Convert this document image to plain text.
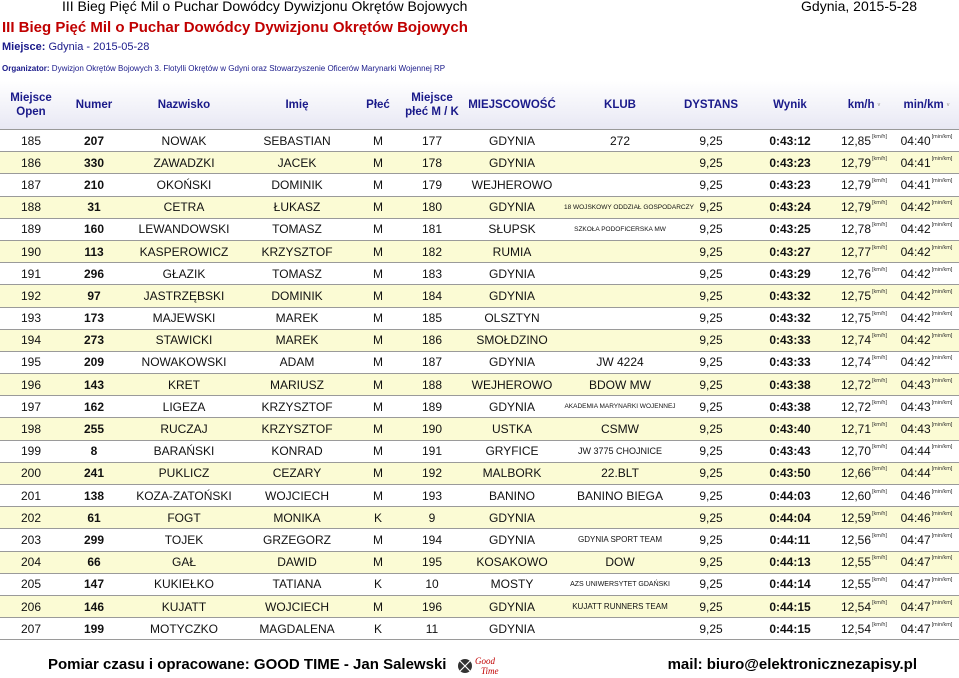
III Bieg Pięć Mil o Puchar Dowódcy Dywizjonu Okrętów Bojowych	Gdynia, 2015-5-28
III Bieg Pięć Mil o Puchar Dowódcy Dywizjonu Okrętów Bojowych
Miejsce: Gdynia - 2015-05-28
Organizator: Dywizjon Okrętów Bojowych 3. Flotylli Okrętów w Gdyni oraz Stowarzyszenie Oficerów Marynarki Wojennej RP
Miejsce Open	Numer	Nazwisko	Imię	Płeć	Miejsce płeć M / K	MIEJSCOWOŚĆ	KLUB	DYSTANS	Wynik	km/h v	min/km v
185	207	NOWAK	SEBASTIAN	M	177	GDYNIA	272	9,25	0:43:12	12,85[km/h]	04:40[min/km]
186	330	ZAWADZKI	JACEK	M	178	GDYNIA		9,25	0:43:23	12,79[km/h]	04:41[min/km]
187	210	OKOŃSKI	DOMINIK	M	179	WEJHEROWO		9,25	0:43:23	12,79[km/h]	04:41[min/km]
188	31	CETRA	ŁUKASZ	M	180	GDYNIA	18 WOJSKOWY ODDZIAŁ GOSPODARCZY	9,25	0:43:24	12,79[km/h]	04:42[min/km]
189	160	LEWANDOWSKI	TOMASZ	M	181	SŁUPSK	SZKOŁA PODOFICERSKA MW	9,25	0:43:25	12,78[km/h]	04:42[min/km]
190	113	KASPEROWICZ	KRZYSZTOF	M	182	RUMIA		9,25	0:43:27	12,77[km/h]	04:42[min/km]
191	296	GŁAZIK	TOMASZ	M	183	GDYNIA		9,25	0:43:29	12,76[km/h]	04:42[min/km]
192	97	JASTRZĘBSKI	DOMINIK	M	184	GDYNIA		9,25	0:43:32	12,75[km/h]	04:42[min/km]
193	173	MAJEWSKI	MAREK	M	185	OLSZTYN		9,25	0:43:32	12,75[km/h]	04:42[min/km]
194	273	STAWICKI	MAREK	M	186	SMOŁDZINO		9,25	0:43:33	12,74[km/h]	04:42[min/km]
195	209	NOWAKOWSKI	ADAM	M	187	GDYNIA	JW 4224	9,25	0:43:33	12,74[km/h]	04:42[min/km]
196	143	KRET	MARIUSZ	M	188	WEJHEROWO	BDOW MW	9,25	0:43:38	12,72[km/h]	04:43[min/km]
197	162	LIGEZA	KRZYSZTOF	M	189	GDYNIA	AKADEMIA MARYNARKI WOJENNEJ	9,25	0:43:38	12,72[km/h]	04:43[min/km]
198	255	RUCZAJ	KRZYSZTOF	M	190	USTKA	CSMW	9,25	0:43:40	12,71[km/h]	04:43[min/km]
199	8	BARAŃSKI	KONRAD	M	191	GRYFICE	JW 3775 CHOJNICE	9,25	0:43:43	12,70[km/h]	04:44[min/km]
200	241	PUKLICZ	CEZARY	M	192	MALBORK	22.BLT	9,25	0:43:50	12,66[km/h]	04:44[min/km]
201	138	KOZA-ZATOŃSKI	WOJCIECH	M	193	BANINO	BANINO BIEGA	9,25	0:44:03	12,60[km/h]	04:46[min/km]
202	61	FOGT	MONIKA	K	9	GDYNIA		9,25	0:44:04	12,59[km/h]	04:46[min/km]
203	299	TOJEK	GRZEGORZ	M	194	GDYNIA	GDYNIA SPORT TEAM	9,25	0:44:11	12,56[km/h]	04:47[min/km]
204	66	GAŁ	DAWID	M	195	KOSAKOWO	DOW	9,25	0:44:13	12,55[km/h]	04:47[min/km]
205	147	KUKIEŁKO	TATIANA	K	10	MOSTY	AZS UNIWERSYTET GDAŃSKI	9,25	0:44:14	12,55[km/h]	04:47[min/km]
206	146	KUJATT	WOJCIECH	M	196	GDYNIA	KUJATT RUNNERS TEAM	9,25	0:44:15	12,54[km/h]	04:47[min/km]
207	199	MOTYCZKO	MAGDALENA	K	11	GDYNIA		9,25	0:44:15	12,54[km/h]	04:47[min/km]
Pomiar czasu i opracowane: GOOD TIME - Jan Salewski	mail: biuro@elektronicznezapisy.pl
Good
Time
